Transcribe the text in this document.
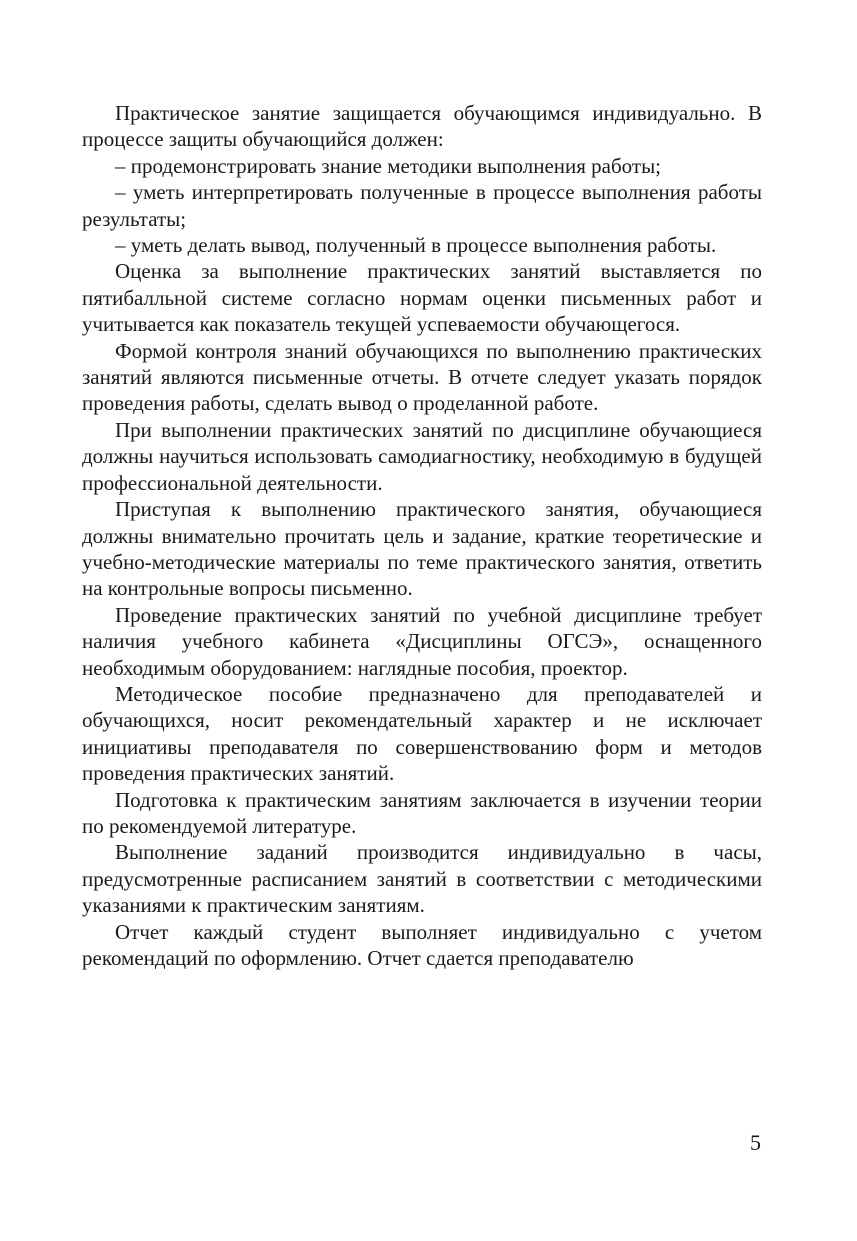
Практическое занятие защищается обучающимся индивидуально. В процессе защиты обучающийся должен:

– продемонстрировать знание методики выполнения работы;

– уметь интерпретировать полученные в процессе выполнения работы результаты;

– уметь делать вывод, полученный в процессе выполнения работы.

Оценка за выполнение практических занятий выставляется по пятибалльной системе согласно нормам оценки письменных работ и учитывается как показатель текущей успеваемости обучающегося.

Формой контроля знаний обучающихся по выполнению практических занятий являются письменные отчеты. В отчете следует указать порядок проведения работы, сделать вывод о проделанной работе.

При выполнении практических занятий по дисциплине обучающиеся должны научиться использовать самодиагностику, необходимую в будущей профессиональной деятельности.

Приступая к выполнению практического занятия, обучающиеся должны внимательно прочитать цель и задание, краткие теоретические и учебно-методические материалы по теме практического занятия, ответить на контрольные вопросы письменно.

Проведение практических занятий по учебной дисциплине требует наличия учебного кабинета «Дисциплины ОГСЭ», оснащенного необходимым оборудованием: наглядные пособия, проектор.

Методическое пособие предназначено для преподавателей и обучающихся, носит рекомендательный характер и не исключает инициативы преподавателя по совершенствованию форм и методов проведения практических занятий.

Подготовка к практическим занятиям заключается в изучении теории по рекомендуемой литературе.

Выполнение заданий производится индивидуально в часы, предусмотренные расписанием занятий в соответствии с методическими указаниями к практическим занятиям.

Отчет каждый студент выполняет индивидуально с учетом рекомендаций по оформлению. Отчет сдается преподавателю

5
